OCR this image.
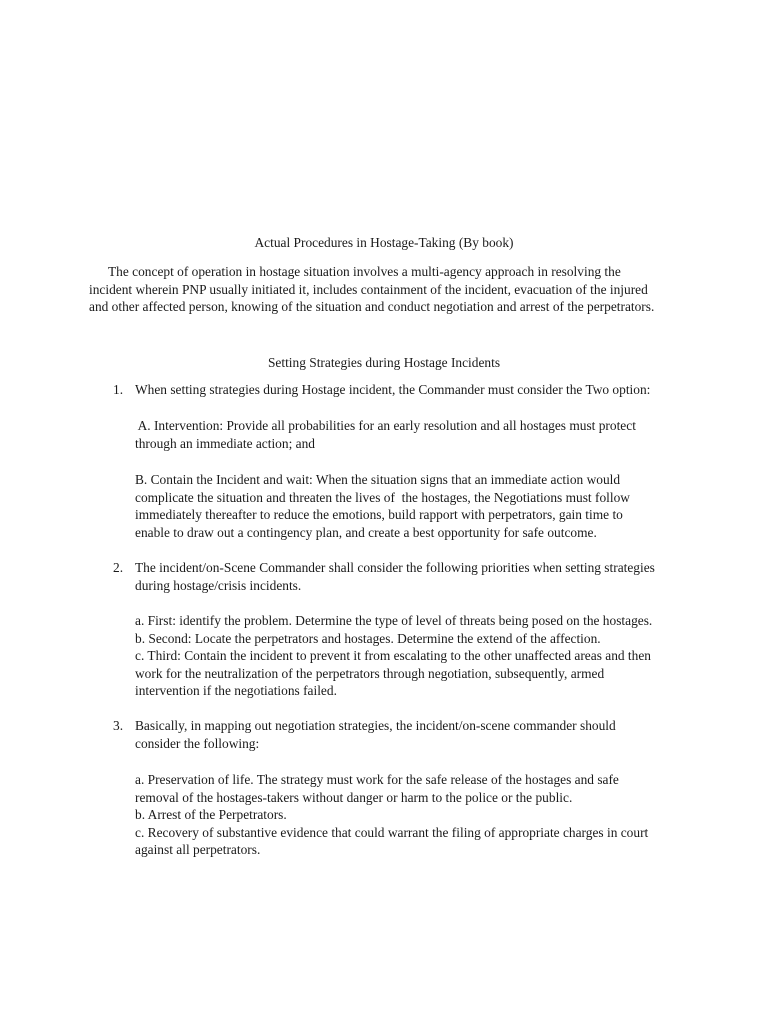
Actual Procedures in Hostage-Taking (By book)
The concept of operation in hostage situation involves a multi-agency approach in resolving the
incident wherein PNP usually initiated it, includes containment of the incident, evacuation of the injured
and other affected person, knowing of the situation and conduct negotiation and arrest of the perpetrators.
Setting Strategies during Hostage Incidents
1. When setting strategies during Hostage incident, the Commander must consider the Two option:
A. Intervention: Provide all probabilities for an early resolution and all hostages must protect
through an immediate action; and
B. Contain the Incident and wait: When the situation signs that an immediate action would
complicate the situation and threaten the lives of  the hostages, the Negotiations must follow
immediately thereafter to reduce the emotions, build rapport with perpetrators, gain time to
enable to draw out a contingency plan, and create a best opportunity for safe outcome.
2. The incident/on-Scene Commander shall consider the following priorities when setting strategies
during hostage/crisis incidents.
a. First: identify the problem. Determine the type of level of threats being posed on the hostages.
b. Second: Locate the perpetrators and hostages. Determine the extend of the affection.
c. Third: Contain the incident to prevent it from escalating to the other unaffected areas and then
work for the neutralization of the perpetrators through negotiation, subsequently, armed
intervention if the negotiations failed.
3. Basically, in mapping out negotiation strategies, the incident/on-scene commander should
consider the following:
a. Preservation of life. The strategy must work for the safe release of the hostages and safe
removal of the hostages-takers without danger or harm to the police or the public.
b. Arrest of the Perpetrators.
c. Recovery of substantive evidence that could warrant the filing of appropriate charges in court
against all perpetrators.
